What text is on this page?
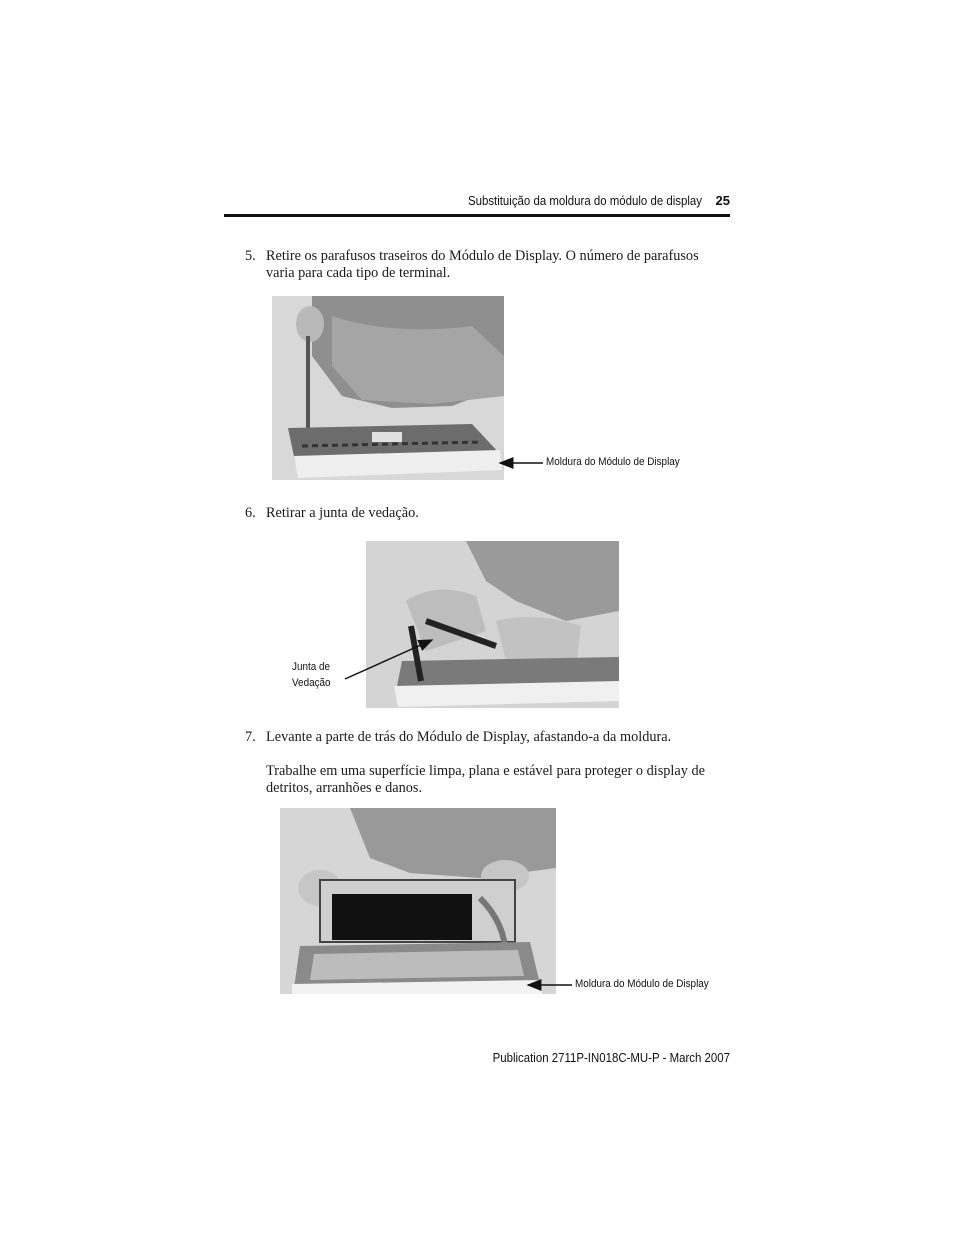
Substituição da moldura do módulo de display 25
5. Retire os parafusos traseiros do Módulo de Display. O número de parafusos varia para cada tipo de terminal.
Moldura do Módulo de Display
6. Retirar a junta de vedação.
Junta de
Vedação
7. Levante a parte de trás do Módulo de Display, afastando-a da moldura.
Trabalhe em uma superfície limpa, plana e estável para proteger o display de detritos, arranhões e danos.
Moldura do Módulo de Display
Publication 2711P-IN018C-MU-P - March 2007
